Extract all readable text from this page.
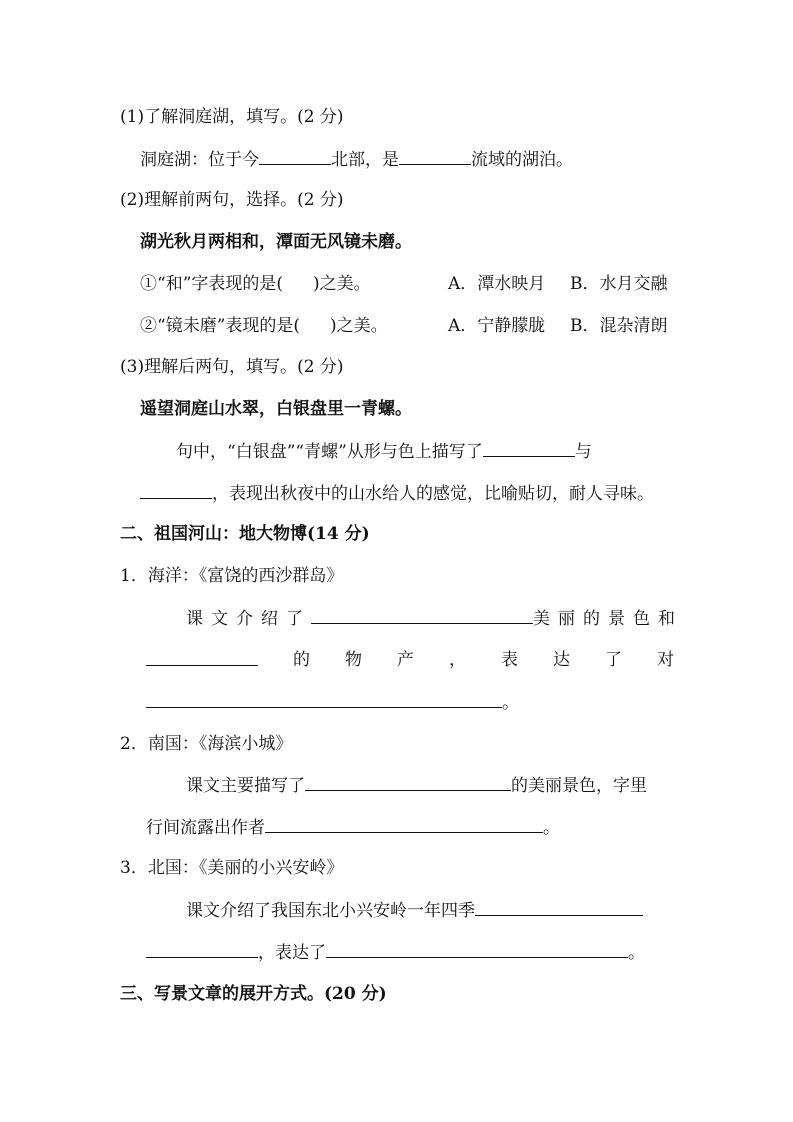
(1)了解洞庭湖，填写。(2 分)
洞庭湖：位于今	北部，是	流域的湖泊。
(2)理解前两句，选择。(2 分)
湖光秋月两相和，潭面无风镜未磨。
①“和”字表现的是( )之美。	A．潭水映月 B．水月交融
②“镜未磨”表现的是( )之美。	A．宁静朦胧 B．混杂清朗
(3)理解后两句，填写。(2 分)
遥望洞庭山水翠，白银盘里一青螺。
句中，“白银盘”“青螺”从形与色上描写了	与
，表现出秋夜中的山水给人的感觉，比喻贴切，耐人寻味。
二、祖国河山：地大物博(14 分)
1．海洋：《富饶的西沙群岛》
课文介绍了	美丽的景色和
的 物 产 ， 表 达 了 对
。
2．南国：《海滨小城》
课文主要描写了	的美丽景色，字里
行间流露出作者	。
3．北国：《美丽的小兴安岭》
课文介绍了我国东北小兴安岭一年四季
，表达了	。
三、写景文章的展开方式。(20 分)
